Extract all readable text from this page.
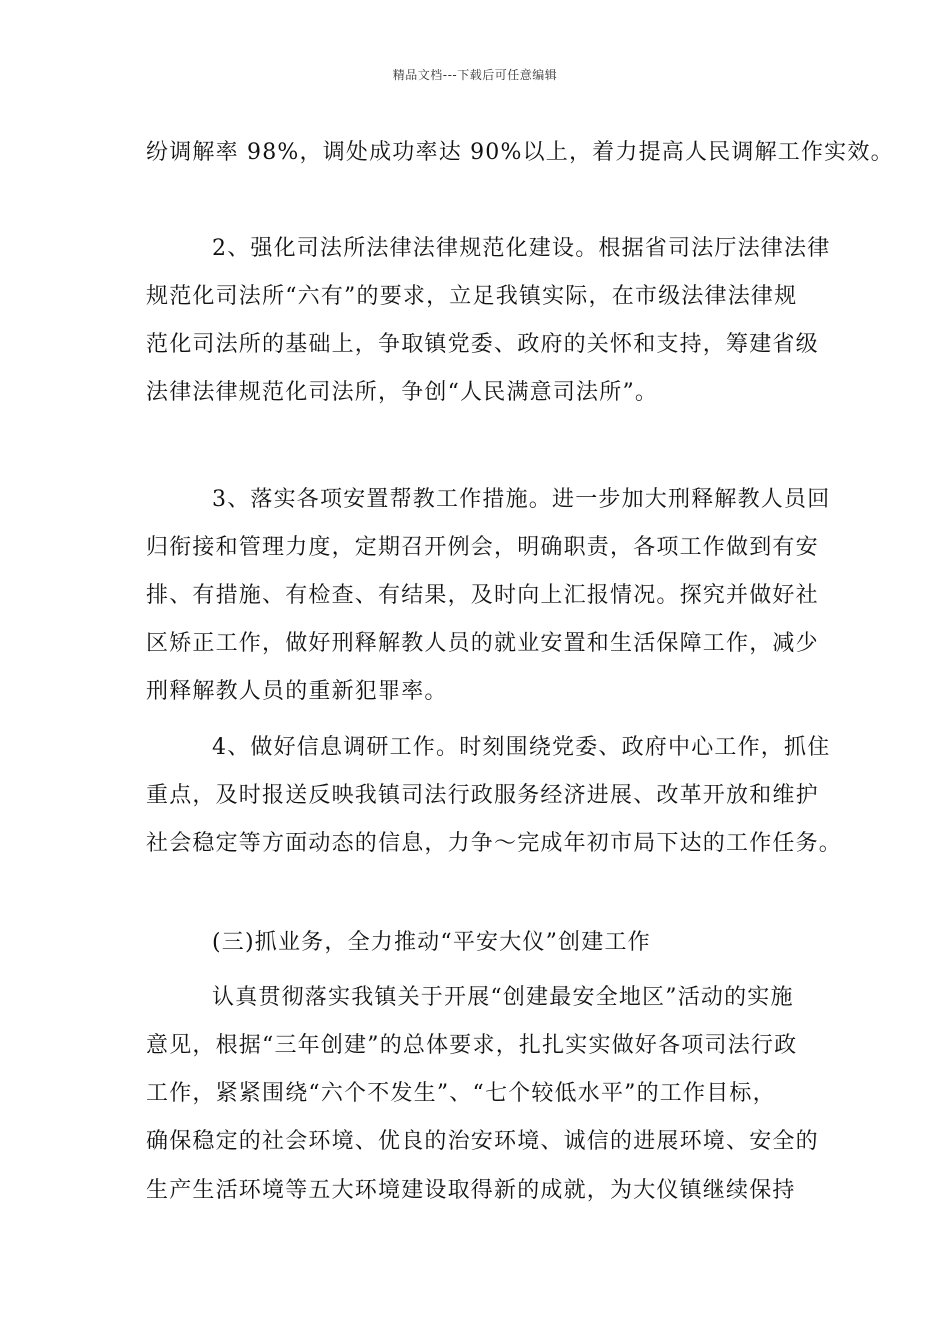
精品文档---下载后可任意编辑
纷调解率 98%，调处成功率达 90%以上，着力提高人民调解工作实效。
2、强化司法所法律法律规范化建设。根据省司法厅法律法律
规范化司法所“六有”的要求，立足我镇实际，在市级法律法律规
范化司法所的基础上，争取镇党委、政府的关怀和支持，筹建省级
法律法律规范化司法所，争创“人民满意司法所”。
3、落实各项安置帮教工作措施。进一步加大刑释解教人员回
归衔接和管理力度，定期召开例会，明确职责，各项工作做到有安
排、有措施、有检查、有结果，及时向上汇报情况。探究并做好社
区矫正工作，做好刑释解教人员的就业安置和生活保障工作，减少
刑释解教人员的重新犯罪率。
4、做好信息调研工作。时刻围绕党委、政府中心工作，抓住
重点，及时报送反映我镇司法行政服务经济进展、改革开放和维护
社会稳定等方面动态的信息，力争～完成年初市局下达的工作任务。
(三)抓业务，全力推动“平安大仪”创建工作
认真贯彻落实我镇关于开展“创建最安全地区”活动的实施
意见，根据“三年创建”的总体要求，扎扎实实做好各项司法行政
工作，紧紧围绕“六个不发生”、“七个较低水平”的工作目标，
确保稳定的社会环境、优良的治安环境、诚信的进展环境、安全的
生产生活环境等五大环境建设取得新的成就，为大仪镇继续保持
